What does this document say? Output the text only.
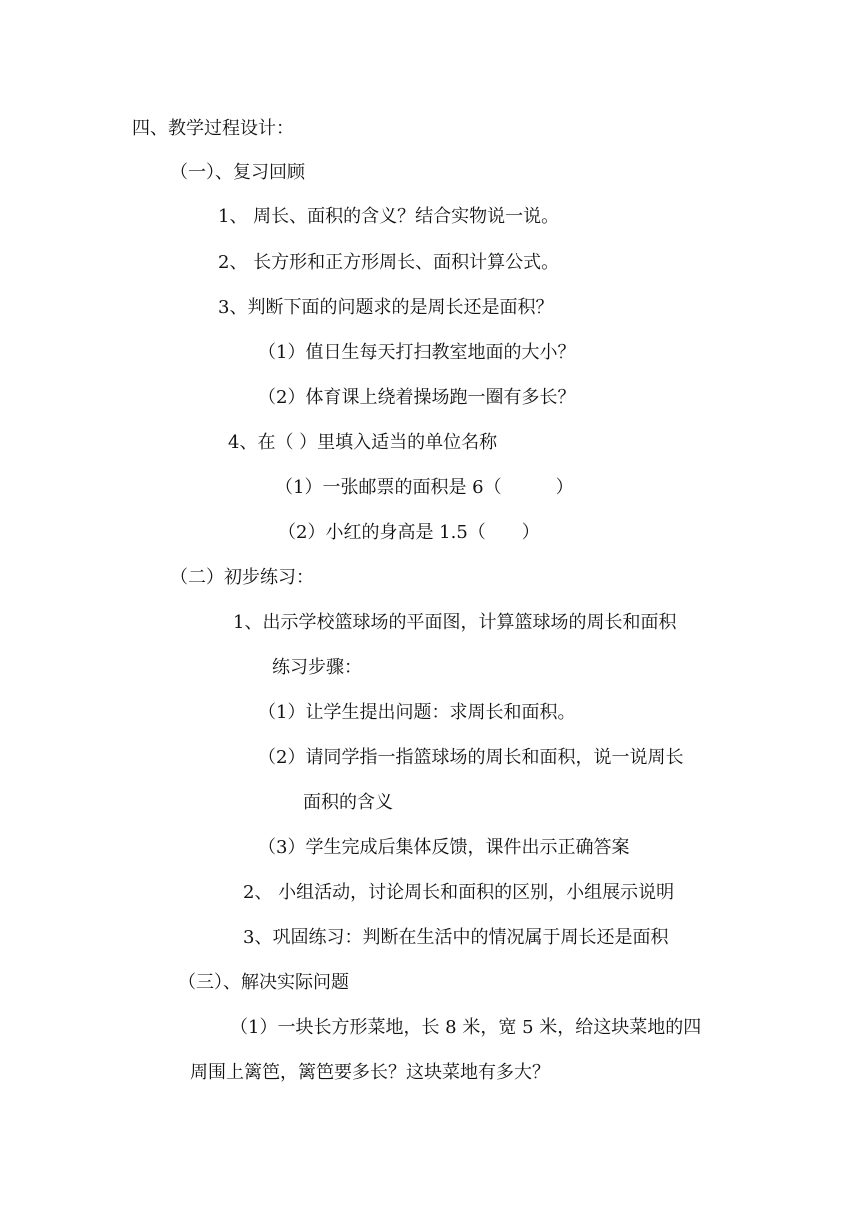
四、教学过程设计：
（一）、复习回顾
1、 周长、面积的含义？结合实物说一说。
2、 长方形和正方形周长、面积计算公式。
3、判断下面的问题求的是周长还是面积？
（1）值日生每天打扫教室地面的大小？
（2）体育课上绕着操场跑一圈有多长？
4、在（ ）里填入适当的单位名称
（1）一张邮票的面积是 6（　　　）
（2）小红的身高是 1.5（　　）
（二）初步练习：
1、出示学校篮球场的平面图，计算篮球场的周长和面积
练习步骤：
（1）让学生提出问题：求周长和面积。
（2）请同学指一指篮球场的周长和面积，说一说周长
面积的含义
（3）学生完成后集体反馈，课件出示正确答案
2、 小组活动，讨论周长和面积的区别，小组展示说明
3、巩固练习：判断在生活中的情况属于周长还是面积
（三）、解决实际问题
（1）一块长方形菜地，长 8 米，宽 5 米，给这块菜地的四
周围上篱笆，篱笆要多长？这块菜地有多大？
